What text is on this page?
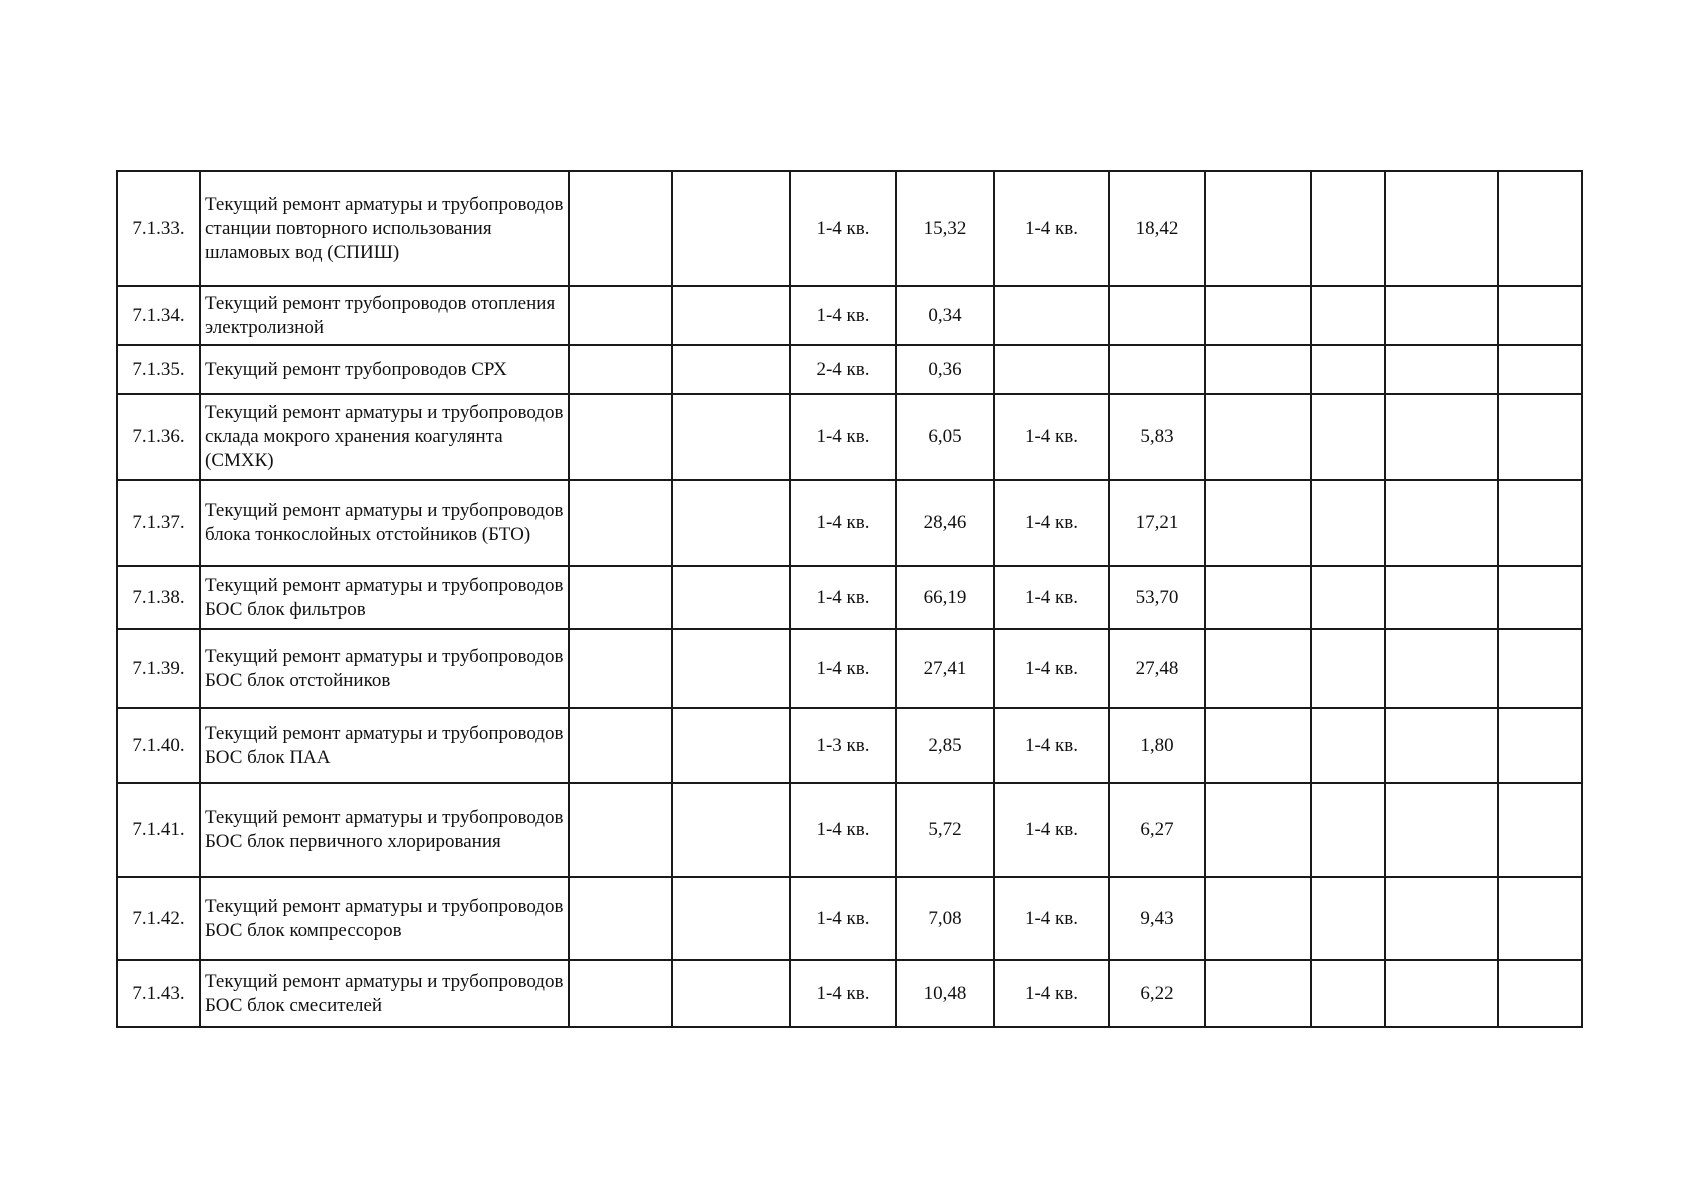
7.1.33.	Текущий ремонт арматуры и трубопроводов станции повторного использования шламовых вод (СПИШ)			1-4 кв.	15,32	1-4 кв.	18,42				
7.1.34.	Текущий ремонт трубопроводов отопления электролизной			1-4 кв.	0,34						
7.1.35.	Текущий ремонт трубопроводов СРХ			2-4 кв.	0,36						
7.1.36.	Текущий ремонт арматуры и трубопроводов склада мокрого хранения коагулянта (СМХК)			1-4 кв.	6,05	1-4 кв.	5,83				
7.1.37.	Текущий ремонт арматуры и трубопроводов блока тонкослойных отстойников (БТО)			1-4 кв.	28,46	1-4 кв.	17,21				
7.1.38.	Текущий ремонт арматуры и трубопроводов БОС блок фильтров			1-4 кв.	66,19	1-4 кв.	53,70				
7.1.39.	Текущий ремонт арматуры и трубопроводов БОС блок отстойников			1-4 кв.	27,41	1-4 кв.	27,48				
7.1.40.	Текущий ремонт арматуры и трубопроводов БОС блок ПАА			1-3 кв.	2,85	1-4 кв.	1,80				
7.1.41.	Текущий ремонт арматуры и трубопроводов БОС блок первичного хлорирования			1-4 кв.	5,72	1-4 кв.	6,27				
7.1.42.	Текущий ремонт арматуры и трубопроводов БОС блок компрессоров			1-4 кв.	7,08	1-4 кв.	9,43				
7.1.43.	Текущий ремонт арматуры и трубопроводов БОС блок смесителей			1-4 кв.	10,48	1-4 кв.	6,22				
